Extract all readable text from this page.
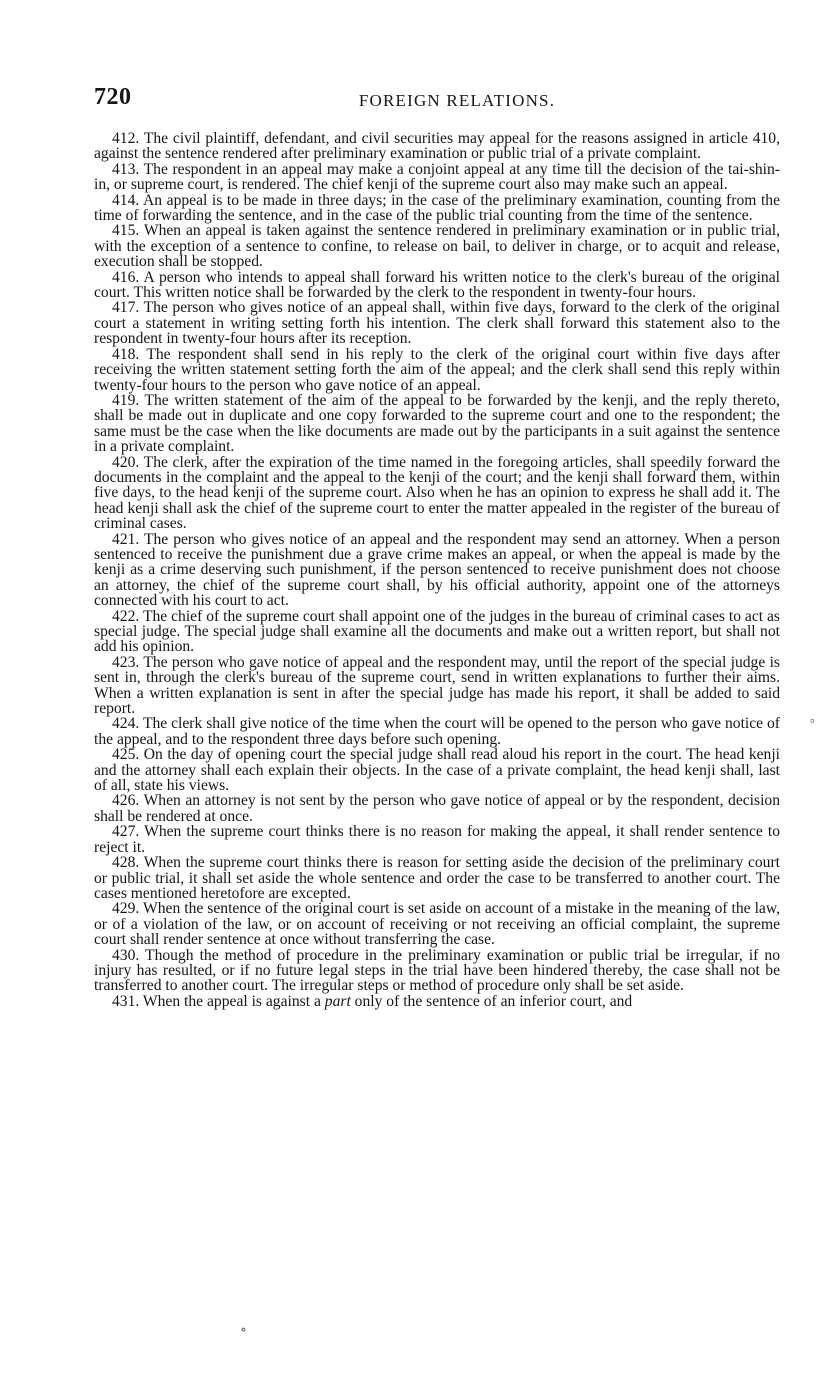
720	FOREIGN RELATIONS.

412. The civil plaintiff, defendant, and civil securities may appeal for the reasons assigned in article 410, against the sentence rendered after preliminary examination or public trial of a private complaint.

413. The respondent in an appeal may make a conjoint appeal at any time till the decision of the tai-shin-in, or supreme court, is rendered. The chief kenji of the supreme court also may make such an appeal.

414. An appeal is to be made in three days; in the case of the preliminary examination, counting from the time of forwarding the sentence, and in the case of the public trial counting from the time of the sentence.

415. When an appeal is taken against the sentence rendered in preliminary examination or in public trial, with the exception of a sentence to confine, to release on bail, to deliver in charge, or to acquit and release, execution shall be stopped.

416. A person who intends to appeal shall forward his written notice to the clerk's bureau of the original court. This written notice shall be forwarded by the clerk to the respondent in twenty-four hours.

417. The person who gives notice of an appeal shall, within five days, forward to the clerk of the original court a statement in writing setting forth his intention. The clerk shall forward this statement also to the respondent in twenty-four hours after its reception.

418. The respondent shall send in his reply to the clerk of the original court within five days after receiving the written statement setting forth the aim of the appeal; and the clerk shall send this reply within twenty-four hours to the person who gave notice of an appeal.

419. The written statement of the aim of the appeal to be forwarded by the kenji, and the reply thereto, shall be made out in duplicate and one copy forwarded to the supreme court and one to the respondent; the same must be the case when the like documents are made out by the participants in a suit against the sentence in a private complaint.

420. The clerk, after the expiration of the time named in the foregoing articles, shall speedily forward the documents in the complaint and the appeal to the kenji of the court; and the kenji shall forward them, within five days, to the head kenji of the supreme court. Also when he has an opinion to express he shall add it. The head kenji shall ask the chief of the supreme court to enter the matter appealed in the register of the bureau of criminal cases.

421. The person who gives notice of an appeal and the respondent may send an attorney. When a person sentenced to receive the punishment due a grave crime makes an appeal, or when the appeal is made by the kenji as a crime deserving such punishment, if the person sentenced to receive punishment does not choose an attorney, the chief of the supreme court shall, by his official authority, appoint one of the attorneys connected with his court to act.

422. The chief of the supreme court shall appoint one of the judges in the bureau of criminal cases to act as special judge. The special judge shall examine all the documents and make out a written report, but shall not add his opinion.

423. The person who gave notice of appeal and the respondent may, until the report of the special judge is sent in, through the clerk's bureau of the supreme court, send in written explanations to further their aims. When a written explanation is sent in after the special judge has made his report, it shall be added to said report.

424. The clerk shall give notice of the time when the court will be opened to the person who gave notice of the appeal, and to the respondent three days before such opening.

425. On the day of opening court the special judge shall read aloud his report in the court. The head kenji and the attorney shall each explain their objects. In the case of a private complaint, the head kenji shall, last of all, state his views.

426. When an attorney is not sent by the person who gave notice of appeal or by the respondent, decision shall be rendered at once.

427. When the supreme court thinks there is no reason for making the appeal, it shall render sentence to reject it.

428. When the supreme court thinks there is reason for setting aside the decision of the preliminary court or public trial, it shall set aside the whole sentence and order the case to be transferred to another court. The cases mentioned heretofore are excepted.

429. When the sentence of the original court is set aside on account of a mistake in the meaning of the law, or of a violation of the law, or on account of receiving or not receiving an official complaint, the supreme court shall render sentence at once without transferring the case.

430. Though the method of procedure in the preliminary examination or public trial be irregular, if no injury has resulted, or if no future legal steps in the trial have been hindered thereby, the case shall not be transferred to another court. The irregular steps or method of procedure only shall be set aside.

431. When the appeal is against a part only of the sentence of an inferior court, and

°
∘
